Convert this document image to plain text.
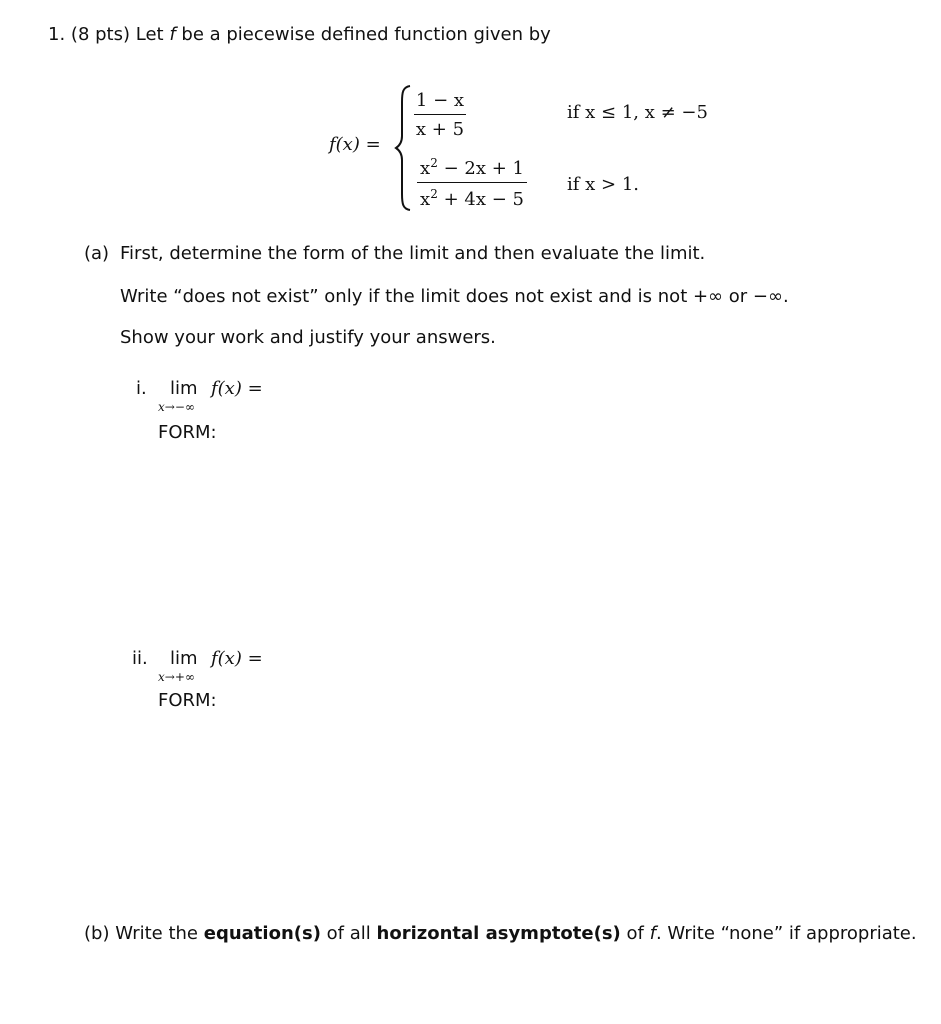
1. (8 pts) Let f be a piecewise defined function given by
f(x) =
1 − x
x + 5
if x ≤ 1, x ≠ −5
$x^2 - 2x + 1$
$x^2 + 4x - 5$
if x > 1.
(a) First, determine the form of the limit and then evaluate the limit.
Write “does not exist” only if the limit does not exist and is not +∞ or −∞.
Show your work and justify your answers.
i. lim
x→−∞
f(x) =
FORM:
ii. lim
x→+∞
f(x) =
FORM:
(b) Write the equation(s) of all horizontal asymptote(s) of f. Write “none” if appropriate.
